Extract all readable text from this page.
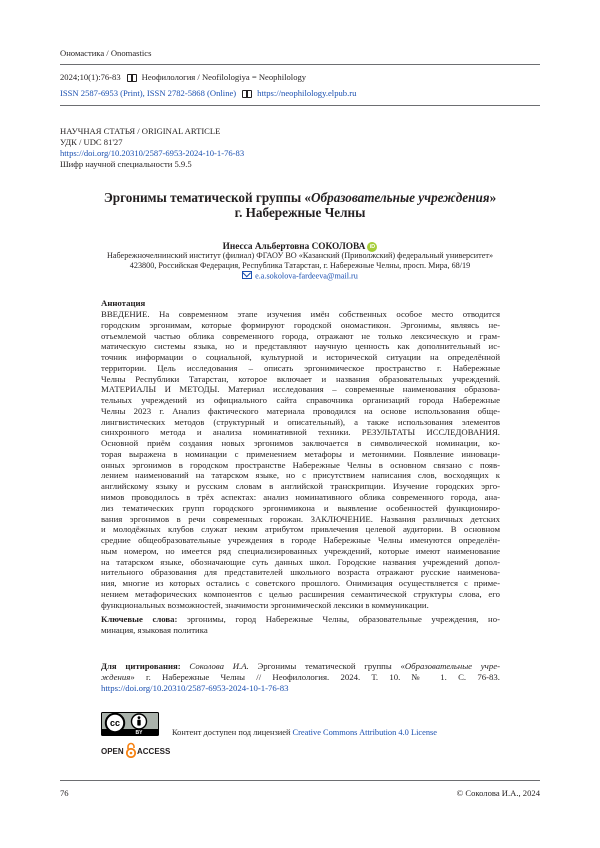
Ономастика / Onomastics
2024;10(1):76-83 Неофилология / Neofilologiya = Neophilology
ISSN 2587-6953 (Print), ISSN 2782-5868 (Online) https://neophilology.elpub.ru
НАУЧНАЯ СТАТЬЯ / ORIGINAL ARTICLE
УДК / UDC 81'27
https://doi.org/10.20310/2587-6953-2024-10-1-76-83
Шифр научной специальности 5.9.5
Эргонимы тематической группы «Образовательные учреждения»
г. Набережные Челны
Инесса Альбертовна СОКОЛОВА iD
Набережночелнинский институт (филиал) ФГАОУ ВО «Казанский (Приволжский) федеральный университет»
423800, Российская Федерация, Республика Татарстан, г. Набережные Челны, просп. Мира, 68/19
e.a.sokolova-fardeeva@mail.ru
Аннотация
ВВЕДЕНИЕ. На современном этапе изучения имён собственных особое место отводится
городским эргонимам, которые формируют городской ономастикон. Эргонимы, являясь не-
отъемлемой частью облика современного города, отражают не только лексическую и грам-
матическую системы языка, но и представляют научную ценность как дополнительный ис-
точник информации о социальной, культурной и исторической ситуации на определённой
территории. Цель исследования – описать эргонимическое пространство г. Набережные
Челны Республики Татарстан, которое включает и названия образовательных учреждений.
МАТЕРИАЛЫ И МЕТОДЫ. Материал исследования – современные наименования образова-
тельных учреждений из официального сайта справочника организаций города Набережные
Челны 2023 г. Анализ фактического материала проводился на основе использования обще-
лингвистических методов (структурный и описательный), а также использования элементов
синхронного метода и анализа номинативной техники. РЕЗУЛЬТАТЫ ИССЛЕДОВАНИЯ.
Основной приём создания новых эргонимов заключается в символической номинации, ко-
торая выражена в номинации с применением метафоры и метонимии. Появление инноваци-
онных эргонимов в городском пространстве Набережные Челны в основном связано с появ-
лением наименований на татарском языке, но с присутствием написания слов, восходящих к
английскому языку и русским словам в английской транскрипции. Изучение городских эрго-
нимов проводилось в трёх аспектах: анализ номинативного облика современного города, ана-
лиз тематических групп городского эргонимикона и выявление особенностей функциониро-
вания эргонимов в речи современных горожан. ЗАКЛЮЧЕНИЕ. Названия различных детских
и молодёжных клубов служат неким атрибутом привлечения целевой аудитории. В основном
средние общеобразовательные учреждения в городе Набережные Челны именуются определён-
ным номером, но имеется ряд специализированных учреждений, которые имеют наименование
на татарском языке, обозначающие суть данных школ. Городские названия учреждений допол-
нительного образования для представителей школьного возраста отражают русские наименова-
ния, многие из которых остались с советского прошлого. Онимизация осуществляется с приме-
нением метафорических компонентов с целью расширения семантической структуры слова, его
функциональных возможностей, значимости эргонимической лексики в коммуникации.
Ключевые слова: эргонимы, город Набережные Челны, образовательные учреждения, но-
минация, языковая политика
Для цитирования: Соколова И.А. Эргонимы тематической группы «Образовательные учре-
ждения» г. Набережные Челны // Неофилология. 2024. Т. 10. № 1. С. 76-83.
https://doi.org/10.20310/2587-6953-2024-10-1-76-83
cc
BY	Контент доступен под лицензией Creative Commons Attribution 4.0 License
OPEN ACCESS
76	© Соколова И.А., 2024
